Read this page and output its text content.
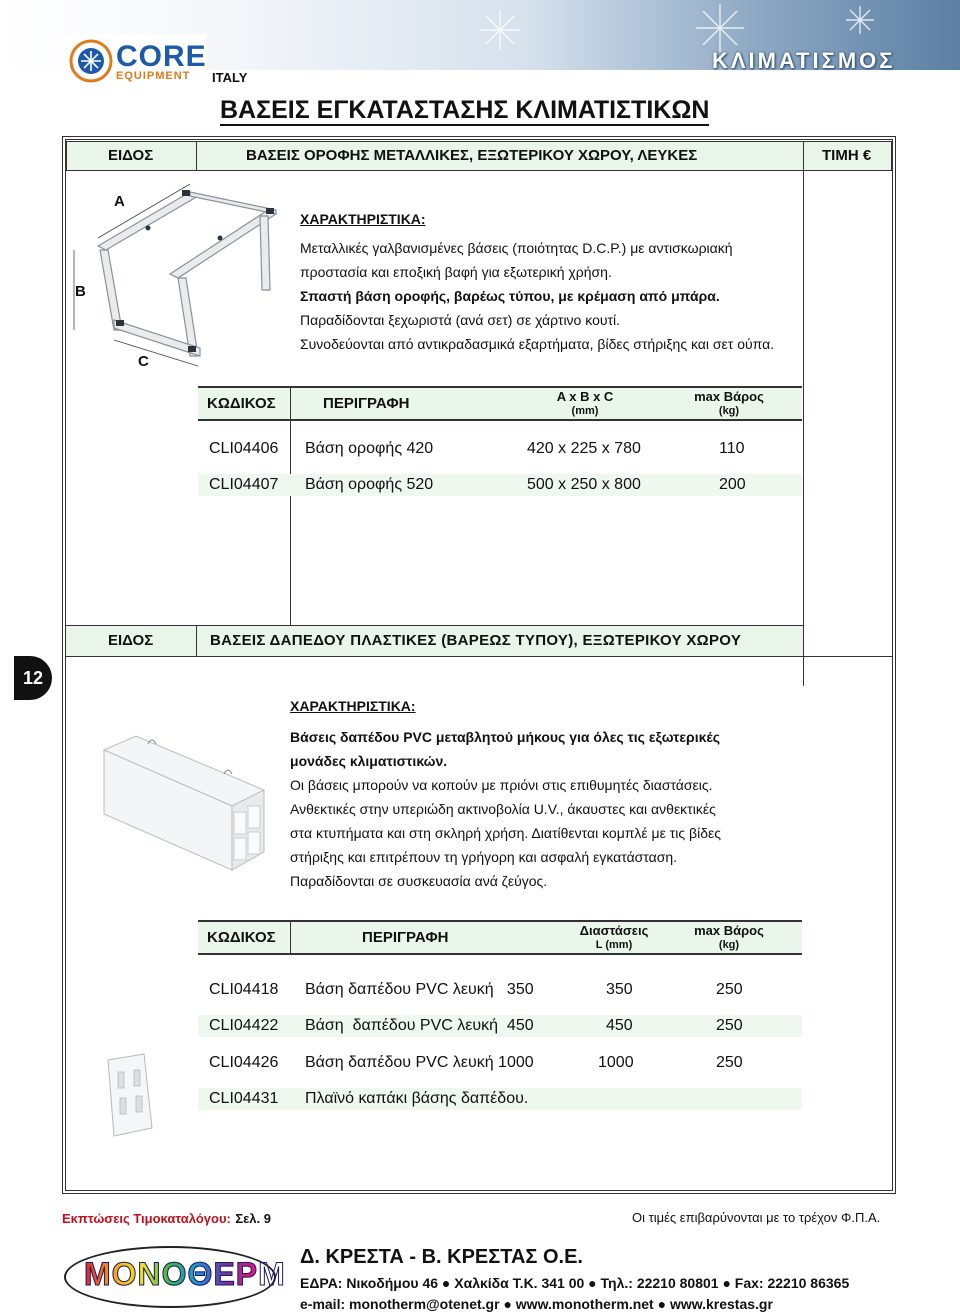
CORE
EQUIPMENT ITALY
ΚΛΙΜΑΤΙΣΜΟΣ
ΒΑΣΕΙΣ ΕΓΚΑΤΑΣΤΑΣΗΣ ΚΛΙΜΑΤΙΣΤΙΚΩΝ
ΕΙΔΟΣ	ΒΑΣΕΙΣ ΟΡΟΦΗΣ ΜΕΤΑΛΛΙΚΕΣ, ΕΞΩΤΕΡΙΚΟΥ ΧΩΡΟΥ, ΛΕΥΚΕΣ	ΤΙΜΗ €
A
B
C
ΧΑΡΑΚΤΗΡΙΣΤΙΚΑ:
Μεταλλικές γαλβανισμένες βάσεις (ποιότητας D.C.P.) με αντισκωριακή
προστασία και εποξική βαφή για εξωτερική χρήση.
Σπαστή βάση οροφής, βαρέως τύπου, με κρέμαση από μπάρα.
Παραδίδονται ξεχωριστά (ανά σετ) σε χάρτινο κουτί.
Συνοδεύονται από αντικραδασμικά εξαρτήματα, βίδες στήριξης και σετ ούπα.
ΚΩΔΙΚΟΣ	ΠΕΡΙΓΡΑΦΗ	A x B x C
(mm)
max Βάρος
(kg)
CLI04406 Βάση οροφής 420	420 x 225 x 780	110
CLI04407 Βάση οροφής 520	500 x 250 x 800	200
ΕΙΔΟΣ	ΒΑΣΕΙΣ ΔΑΠΕΔΟΥ ΠΛΑΣΤΙΚΕΣ (ΒΑΡΕΩΣ ΤΥΠΟΥ), ΕΞΩΤΕΡΙΚΟΥ ΧΩΡΟΥ
12
ΧΑΡΑΚΤΗΡΙΣΤΙΚΑ:
Βάσεις δαπέδου PVC μεταβλητού μήκους για όλες τις εξωτερικές
μονάδες κλιματιστικών.
Οι βάσεις μπορούν να κοπούν με πριόνι στις επιθυμητές διαστάσεις.
Ανθεκτικές στην υπεριώδη ακτινοβολία U.V., άκαυστες και ανθεκτικές
στα κτυπήματα και στη σκληρή χρήση. Διατίθενται κομπλέ με τις βίδες
στήριξης και επιτρέπουν τη γρήγορη και ασφαλή εγκατάσταση.
Παραδίδονται σε συσκευασία ανά ζεύγος.
ΚΩΔΙΚΟΣ	ΠΕΡΙΓΡΑΦΗ	Διαστάσεις
L (mm)
max Βάρος
(kg)
CLI04418 Βάση δαπέδου PVC λευκή   350	350	250
CLI04422 Βάση  δαπέδου PVC λευκή  450	450	250
CLI04426 Βάση δαπέδου PVC λευκή 1000	1000	250
CLI04431 Πλαϊνό καπάκι βάσης δαπέδου.
Εκπτώσεις Τιμοκαταλόγου: Σελ. 9	Οι τιμές επιβαρύνονται με το τρέχον Φ.Π.Α.
ΜΟΝΟΘΕΡΜ Δ. ΚΡΕΣΤΑ - Β. ΚΡΕΣΤΑΣ Ο.Ε.
ΕΔΡΑ: Νικοδήμου 46 ● Χαλκίδα Τ.Κ. 341 00 ● Τηλ.: 22210 80801 ● Fax: 22210 86365
e-mail: monotherm@otenet.gr ● www.monotherm.net ● www.krestas.gr
